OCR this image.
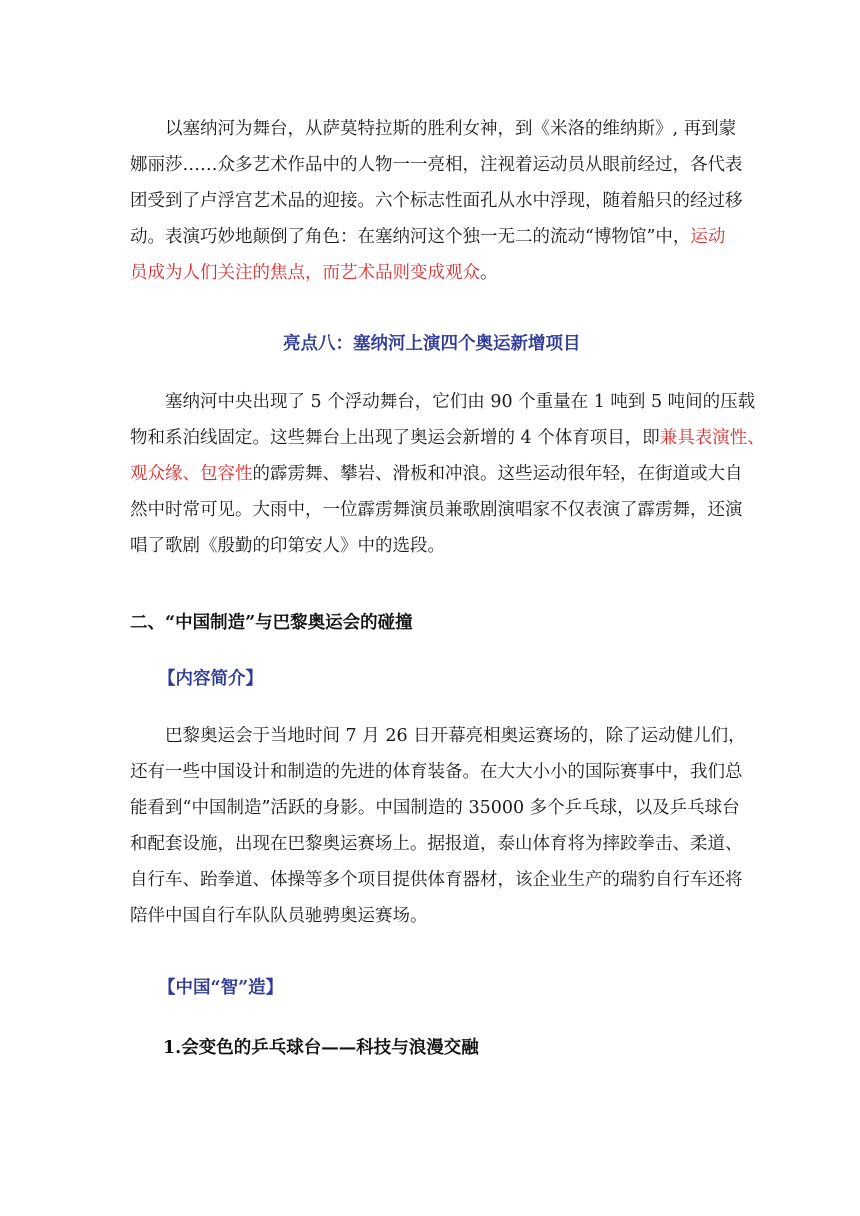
以塞纳河为舞台，从萨莫特拉斯的胜利女神，到《米洛的维纳斯》, 再到蒙
娜丽莎……众多艺术作品中的人物一一亮相，注视着运动员从眼前经过，各代表
团受到了卢浮宫艺术品的迎接。六个标志性面孔从水中浮现，随着船只的经过移
动。表演巧妙地颠倒了角色：在塞纳河这个独一无二的流动“博物馆”中，运动
员成为人们关注的焦点，而艺术品则变成观众。

亮点八：塞纳河上演四个奥运新增项目

塞纳河中央出现了 5 个浮动舞台，它们由 90 个重量在 1 吨到 5 吨间的压载
物和系泊线固定。这些舞台上出现了奥运会新增的 4 个体育项目，即兼具表演性、
观众缘、包容性的霹雳舞、攀岩、滑板和冲浪。这些运动很年轻，在街道或大自
然中时常可见。大雨中，一位霹雳舞演员兼歌剧演唱家不仅表演了霹雳舞，还演
唱了歌剧《殷勤的印第安人》中的选段。

二、“中国制造”与巴黎奥运会的碰撞
【内容简介】

巴黎奥运会于当地时间 7 月 26 日开幕亮相奥运赛场的，除了运动健儿们，
还有一些中国设计和制造的先进的体育装备。在大大小小的国际赛事中，我们总
能看到“中国制造”活跃的身影。中国制造的 35000 多个乒乓球，以及乒乓球台
和配套设施，出现在巴黎奥运赛场上。据报道，泰山体育将为摔跤拳击、柔道、
自行车、跆拳道、体操等多个项目提供体育器材，该企业生产的瑞豹自行车还将
陪伴中国自行车队队员驰骋奥运赛场。

【中国“智”造】
1.会变色的乒乓球台——科技与浪漫交融
